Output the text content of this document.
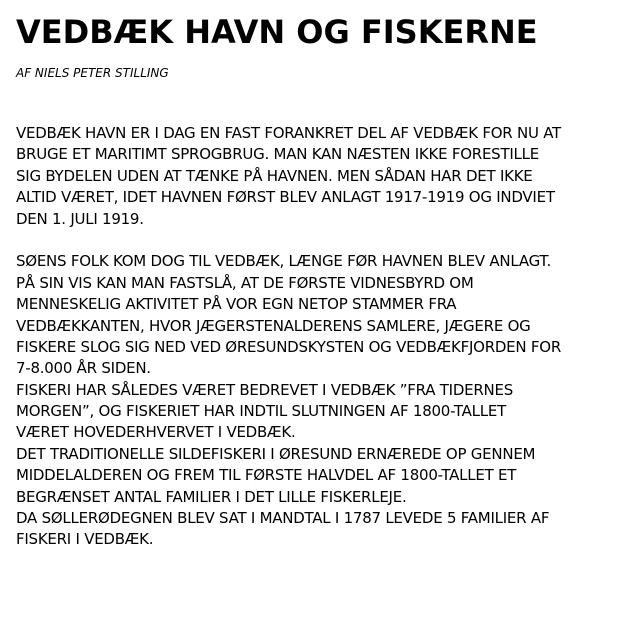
VEDBÆK HAVN OG FISKERNE

AF NIELS PETER STILLING

VEDBÆK HAVN ER I DAG EN FAST FORANKRET DEL AF VEDBÆK FOR NU AT
BRUGE ET MARITIMT SPROGBRUG. MAN KAN NÆSTEN IKKE FORESTILLE
SIG BYDELEN UDEN AT TÆNKE PÅ HAVNEN. MEN SÅDAN HAR DET IKKE
ALTID VÆRET, IDET HAVNEN FØRST BLEV ANLAGT 1917-1919 OG INDVIET
DEN 1. JULI 1919.
SØENS FOLK KOM DOG TIL VEDBÆK, LÆNGE FØR HAVNEN BLEV ANLAGT.
PÅ SIN VIS KAN MAN FASTSLÅ, AT DE FØRSTE VIDNESBYRD OM
MENNESKELIG AKTIVITET PÅ VOR EGN NETOP STAMMER FRA
VEDBÆKKANTEN, HVOR JÆGERSTENALDERENS SAMLERE, JÆGERE OG
FISKERE SLOG SIG NED VED ØRESUNDSKYSTEN OG VEDBÆKFJORDEN FOR
7-8.000 ÅR SIDEN.
FISKERI HAR SÅLEDES VÆRET BEDREVET I VEDBÆK ”FRA TIDERNES
MORGEN”, OG FISKERIET HAR INDTIL SLUTNINGEN AF 1800-TALLET
VÆRET HOVEDERHVERVET I VEDBÆK.
DET TRADITIONELLE SILDEFISKERI I ØRESUND ERNÆREDE OP GENNEM
MIDDELALDEREN OG FREM TIL FØRSTE HALVDEL AF 1800-TALLET ET
BEGRÆNSET ANTAL FAMILIER I DET LILLE FISKERLEJE.
DA SØLLERØDEGNEN BLEV SAT I MANDTAL I 1787 LEVEDE 5 FAMILIER AF
FISKERI I VEDBÆK.
